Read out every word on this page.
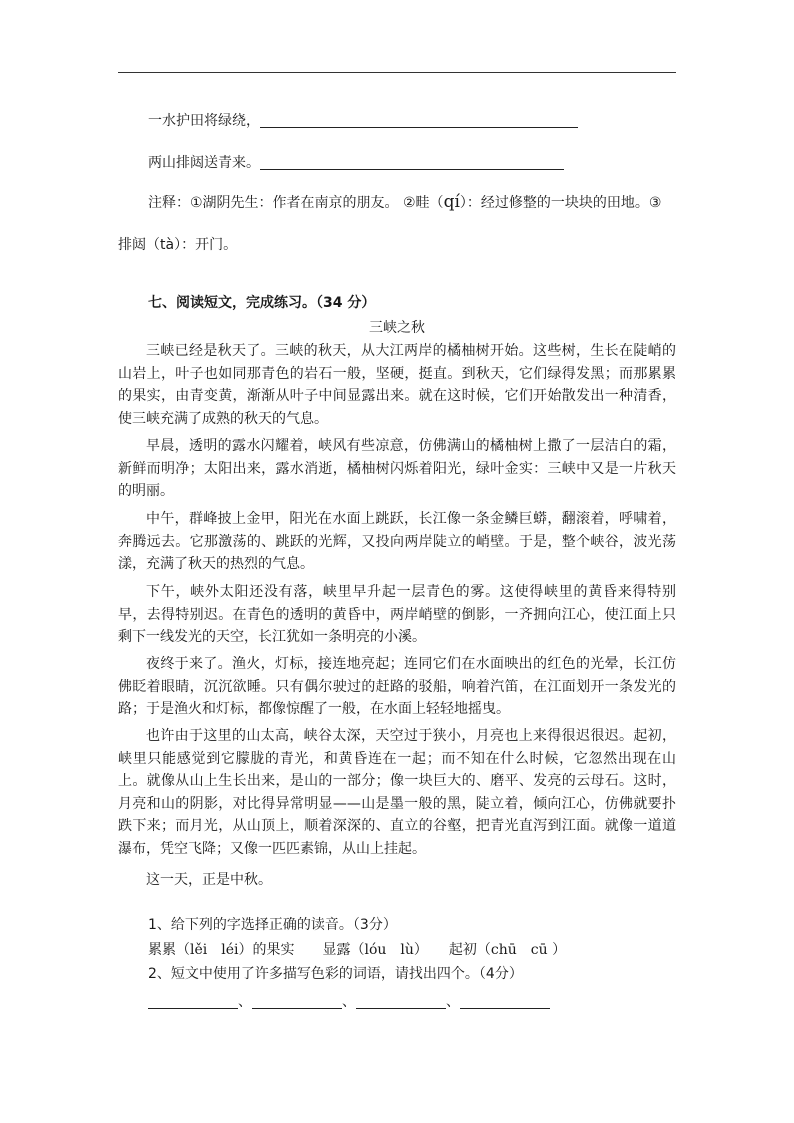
一水护田将绿绕，
两山排闼送青来。
注释：①湖阴先生：作者在南京的朋友。 ②畦（qí）：经过修整的一块块的田地。③
排闼（tà）：开门。
七、阅读短文，完成练习。（34 分）
三峡之秋
三峡已经是秋天了。三峡的秋天，从大江两岸的橘柚树开始。这些树，生长在陡峭的山岩上，叶子也如同那青色的岩石一般，坚硬，挺直。到秋天，它们绿得发黑；而那累累的果实，由青变黄，渐渐从叶子中间显露出来。就在这时候，它们开始散发出一种清香，使三峡充满了成熟的秋天的气息。
早晨，透明的露水闪耀着，峡风有些凉意，仿佛满山的橘柚树上撒了一层洁白的霜，新鲜而明净；太阳出来，露水消逝，橘柚树闪烁着阳光，绿叶金实：三峡中又是一片秋天的明丽。
中午，群峰披上金甲，阳光在水面上跳跃，长江像一条金鳞巨蟒，翻滚着，呼啸着，奔腾远去。它那激荡的、跳跃的光辉，又投向两岸陡立的峭壁。于是，整个峡谷，波光荡漾，充满了秋天的热烈的气息。
下午，峡外太阳还没有落，峡里早升起一层青色的雾。这使得峡里的黄昏来得特别早，去得特别迟。在青色的透明的黄昏中，两岸峭壁的倒影，一齐拥向江心，使江面上只剩下一线发光的天空，长江犹如一条明亮的小溪。
夜终于来了。渔火，灯标，接连地亮起；连同它们在水面映出的红色的光晕，长江仿佛眨着眼睛，沉沉欲睡。只有偶尔驶过的赶路的驳船，响着汽笛，在江面划开一条发光的路；于是渔火和灯标，都像惊醒了一般，在水面上轻轻地摇曳。
也许由于这里的山太高，峡谷太深，天空过于狭小，月亮也上来得很迟很迟。起初，峡里只能感觉到它朦胧的青光，和黄昏连在一起；而不知在什么时候，它忽然出现在山上。就像从山上生长出来，是山的一部分；像一块巨大的、磨平、发亮的云母石。这时，月亮和山的阴影，对比得异常明显——山是墨一般的黑，陡立着，倾向江心，仿佛就要扑跌下来；而月光，从山顶上，顺着深深的、直立的谷壑，把青光直泻到江面。就像一道道瀑布，凭空飞降；又像一匹匹素锦，从山上挂起。
这一天，正是中秋。
1、给下列的字选择正确的读音。（3分）
累累（lěi　léi）的果实　　显露（lóu　lù）　　起初（chū　cū ）
2、短文中使用了许多描写色彩的词语，请找出四个。（4分）
、	、	、
